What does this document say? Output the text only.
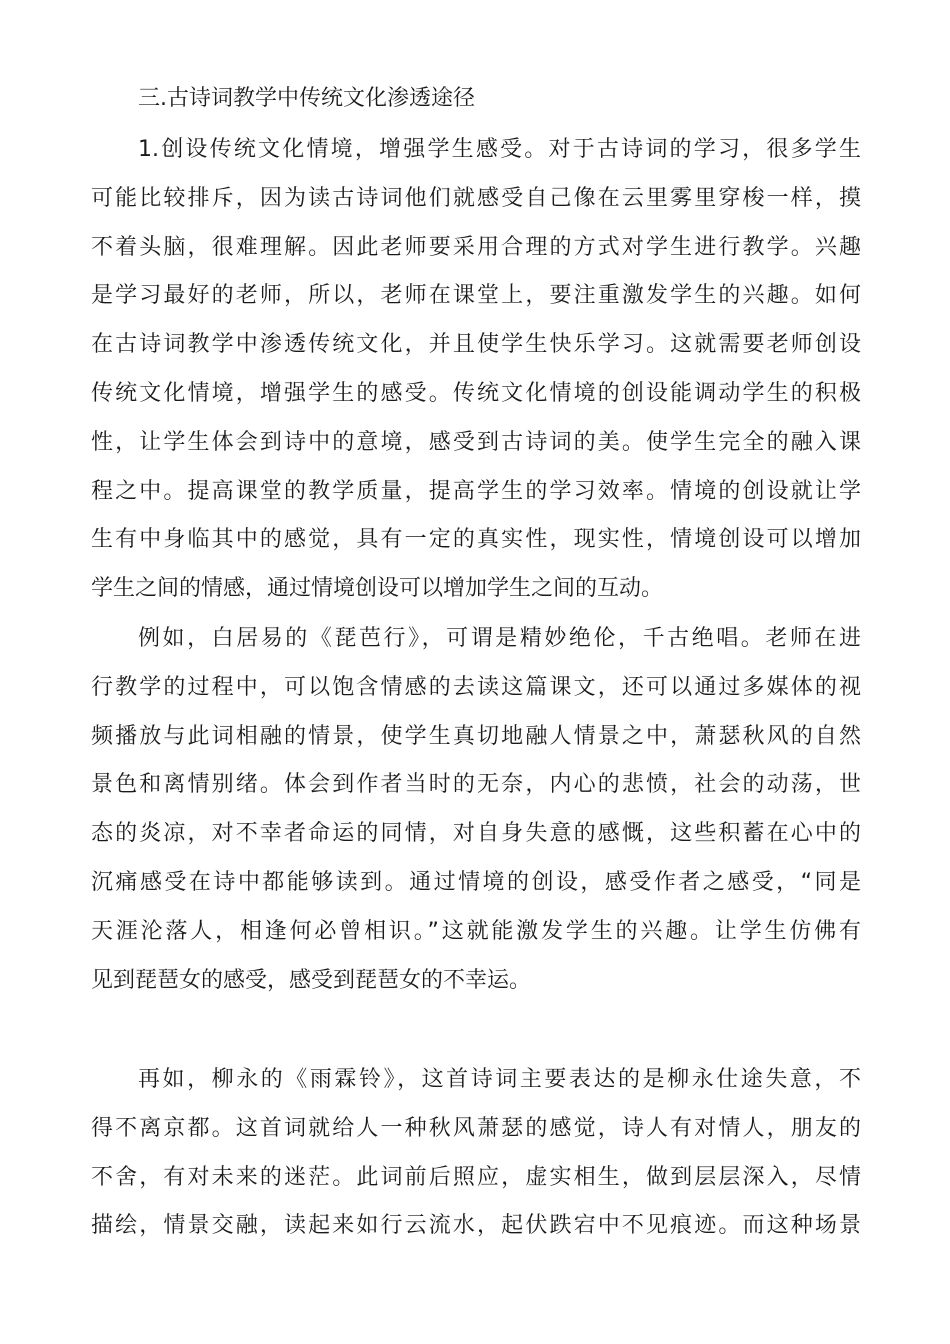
三.古诗词教学中传统文化渗透途径
1.创设传统文化情境，增强学生感受。对于古诗词的学习，很多学生
可能比较排斥，因为读古诗词他们就感受自己像在云里雾里穿梭一样，摸
不着头脑，很难理解。因此老师要采用合理的方式对学生进行教学。兴趣
是学习最好的老师，所以，老师在课堂上，要注重激发学生的兴趣。如何
在古诗词教学中渗透传统文化，并且使学生快乐学习。这就需要老师创设
传统文化情境，增强学生的感受。传统文化情境的创设能调动学生的积极
性，让学生体会到诗中的意境，感受到古诗词的美。使学生完全的融入课
程之中。提高课堂的教学质量，提高学生的学习效率。情境的创设就让学
生有中身临其中的感觉，具有一定的真实性，现实性，情境创设可以增加
学生之间的情感，通过情境创设可以增加学生之间的互动。
例如，白居易的《琵芭行》，可谓是精妙绝伦，千古绝唱。老师在进
行教学的过程中，可以饱含情感的去读这篇课文，还可以通过多媒体的视
频播放与此词相融的情景，使学生真切地融人情景之中，萧瑟秋风的自然
景色和离情别绪。体会到作者当时的无奈，内心的悲愤，社会的动荡，世
态的炎凉，对不幸者命运的同情，对自身失意的感慨，这些积蓄在心中的
沉痛感受在诗中都能够读到。通过情境的创设，感受作者之感受，“同是
天涯沦落人，相逢何必曾相识。”这就能激发学生的兴趣。让学生仿佛有
见到琵琶女的感受，感受到琵琶女的不幸运。
再如，柳永的《雨霖铃》，这首诗词主要表达的是柳永仕途失意，不
得不离京都。这首词就给人一种秋风萧瑟的感觉，诗人有对情人，朋友的
不舍，有对未来的迷茫。此词前后照应，虚实相生，做到层层深入，尽情
描绘，情景交融，读起来如行云流水，起伏跌宕中不见痕迹。而这种场景
